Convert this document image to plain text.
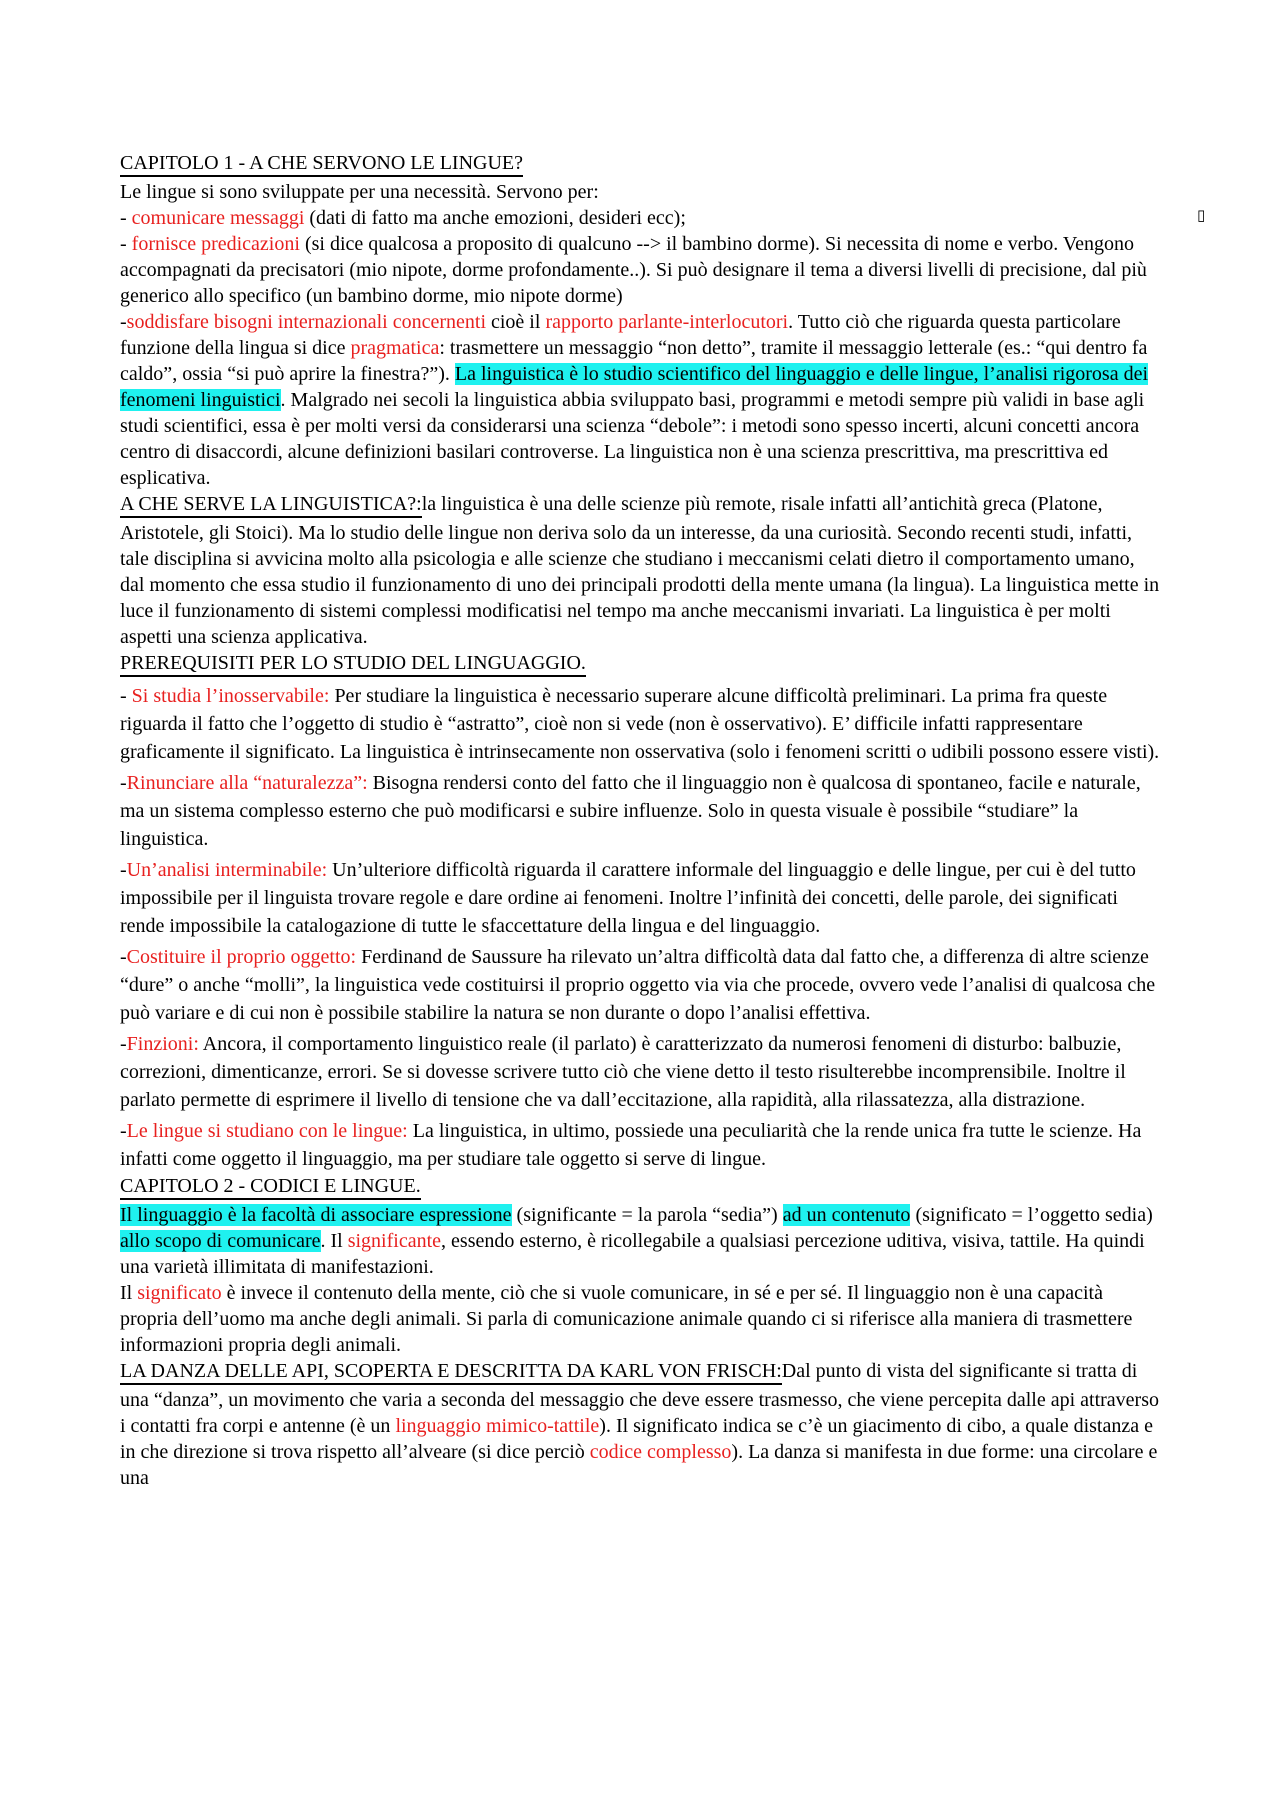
▯
CAPITOLO 1 - A CHE SERVONO LE LINGUE?
Le lingue si sono sviluppate per una necessità. Servono per:
- comunicare messaggi (dati di fatto ma anche emozioni, desideri ecc);
- fornisce predicazioni (si dice qualcosa a proposito di qualcuno --> il bambino dorme). Si necessita di nome e verbo. Vengono accompagnati da precisatori (mio nipote, dorme profondamente..). Si può designare il tema a diversi livelli di precisione, dal più generico allo specifico (un bambino dorme, mio nipote dorme)
-soddisfare bisogni internazionali concernenti cioè il rapporto parlante-interlocutori. Tutto ciò che riguarda questa particolare funzione della lingua si dice pragmatica: trasmettere un messaggio “non detto”, tramite il messaggio letterale (es.: “qui dentro fa caldo”, ossia “si può aprire la finestra?”). La linguistica è lo studio scientifico del linguaggio e delle lingue, l’analisi rigorosa dei fenomeni linguistici. Malgrado nei secoli la linguistica abbia sviluppato basi, programmi e metodi sempre più validi in base agli studi scientifici, essa è per molti versi da considerarsi una scienza “debole”: i metodi sono spesso incerti, alcuni concetti ancora centro di disaccordi, alcune definizioni basilari controverse. La linguistica non è una scienza prescrittiva, ma prescrittiva ed esplicativa.
A CHE SERVE LA LINGUISTICA?:la linguistica è una delle scienze più remote, risale infatti all’antichità greca (Platone, Aristotele, gli Stoici). Ma lo studio delle lingue non deriva solo da un interesse, da una curiosità. Secondo recenti studi, infatti, tale disciplina si avvicina molto alla psicologia e alle scienze che studiano i meccanismi celati dietro il comportamento umano, dal momento che essa studio il funzionamento di uno dei principali prodotti della mente umana (la lingua). La linguistica mette in luce il funzionamento di sistemi complessi modificatisi nel tempo ma anche meccanismi invariati. La linguistica è per molti aspetti una scienza applicativa.
PREREQUISITI PER LO STUDIO DEL LINGUAGGIO.
- Si studia l’inosservabile: Per studiare la linguistica è necessario superare alcune difficoltà preliminari. La prima fra queste riguarda il fatto che l’oggetto di studio è “astratto”, cioè non si vede (non è osservativo). E’ difficile infatti rappresentare graficamente il significato. La linguistica è intrinsecamente non osservativa (solo i fenomeni scritti o udibili possono essere visti).
-Rinunciare alla “naturalezza”: Bisogna rendersi conto del fatto che il linguaggio non è qualcosa di spontaneo, facile e naturale, ma un sistema complesso esterno che può modificarsi e subire influenze. Solo in questa visuale è possibile “studiare” la linguistica.
-Un’analisi interminabile: Un’ulteriore difficoltà riguarda il carattere informale del linguaggio e delle lingue, per cui è del tutto impossibile per il linguista trovare regole e dare ordine ai fenomeni. Inoltre l’infinità dei concetti, delle parole, dei significati rende impossibile la catalogazione di tutte le sfaccettature della lingua e del linguaggio.
-Costituire il proprio oggetto: Ferdinand de Saussure ha rilevato un’altra difficoltà data dal fatto che, a differenza di altre scienze “dure” o anche “molli”, la linguistica vede costituirsi il proprio oggetto via via che procede, ovvero vede l’analisi di qualcosa che può variare e di cui non è possibile stabilire la natura se non durante o dopo l’analisi effettiva.
-Finzioni: Ancora, il comportamento linguistico reale (il parlato) è caratterizzato da numerosi fenomeni di disturbo: balbuzie, correzioni, dimenticanze, errori. Se si dovesse scrivere tutto ciò che viene detto il testo risulterebbe incomprensibile. Inoltre il parlato permette di esprimere il livello di tensione che va dall’eccitazione, alla rapidità, alla rilassatezza, alla distrazione.
-Le lingue si studiano con le lingue: La linguistica, in ultimo, possiede una peculiarità che la rende unica fra tutte le scienze. Ha infatti come oggetto il linguaggio, ma per studiare tale oggetto si serve di lingue.
CAPITOLO 2 - CODICI E LINGUE.
Il linguaggio è la facoltà di associare espressione (significante = la parola “sedia”) ad un contenuto (significato = l’oggetto sedia) allo scopo di comunicare. Il significante, essendo esterno, è ricollegabile a qualsiasi percezione uditiva, visiva, tattile. Ha quindi una varietà illimitata di manifestazioni.
Il significato è invece il contenuto della mente, ciò che si vuole comunicare, in sé e per sé. Il linguaggio non è una capacità propria dell’uomo ma anche degli animali. Si parla di comunicazione animale quando ci si riferisce alla maniera di trasmettere informazioni propria degli animali.
LA DANZA DELLE API, SCOPERTA E DESCRITTA DA KARL VON FRISCH:Dal punto di vista del significante si tratta di una “danza”, un movimento che varia a seconda del messaggio che deve essere trasmesso, che viene percepita dalle api attraverso i contatti fra corpi e antenne (è un linguaggio mimico-tattile). Il significato indica se c’è un giacimento di cibo, a quale distanza e in che direzione si trova rispetto all’alveare (si dice perciò codice complesso). La danza si manifesta in due forme: una circolare e una
